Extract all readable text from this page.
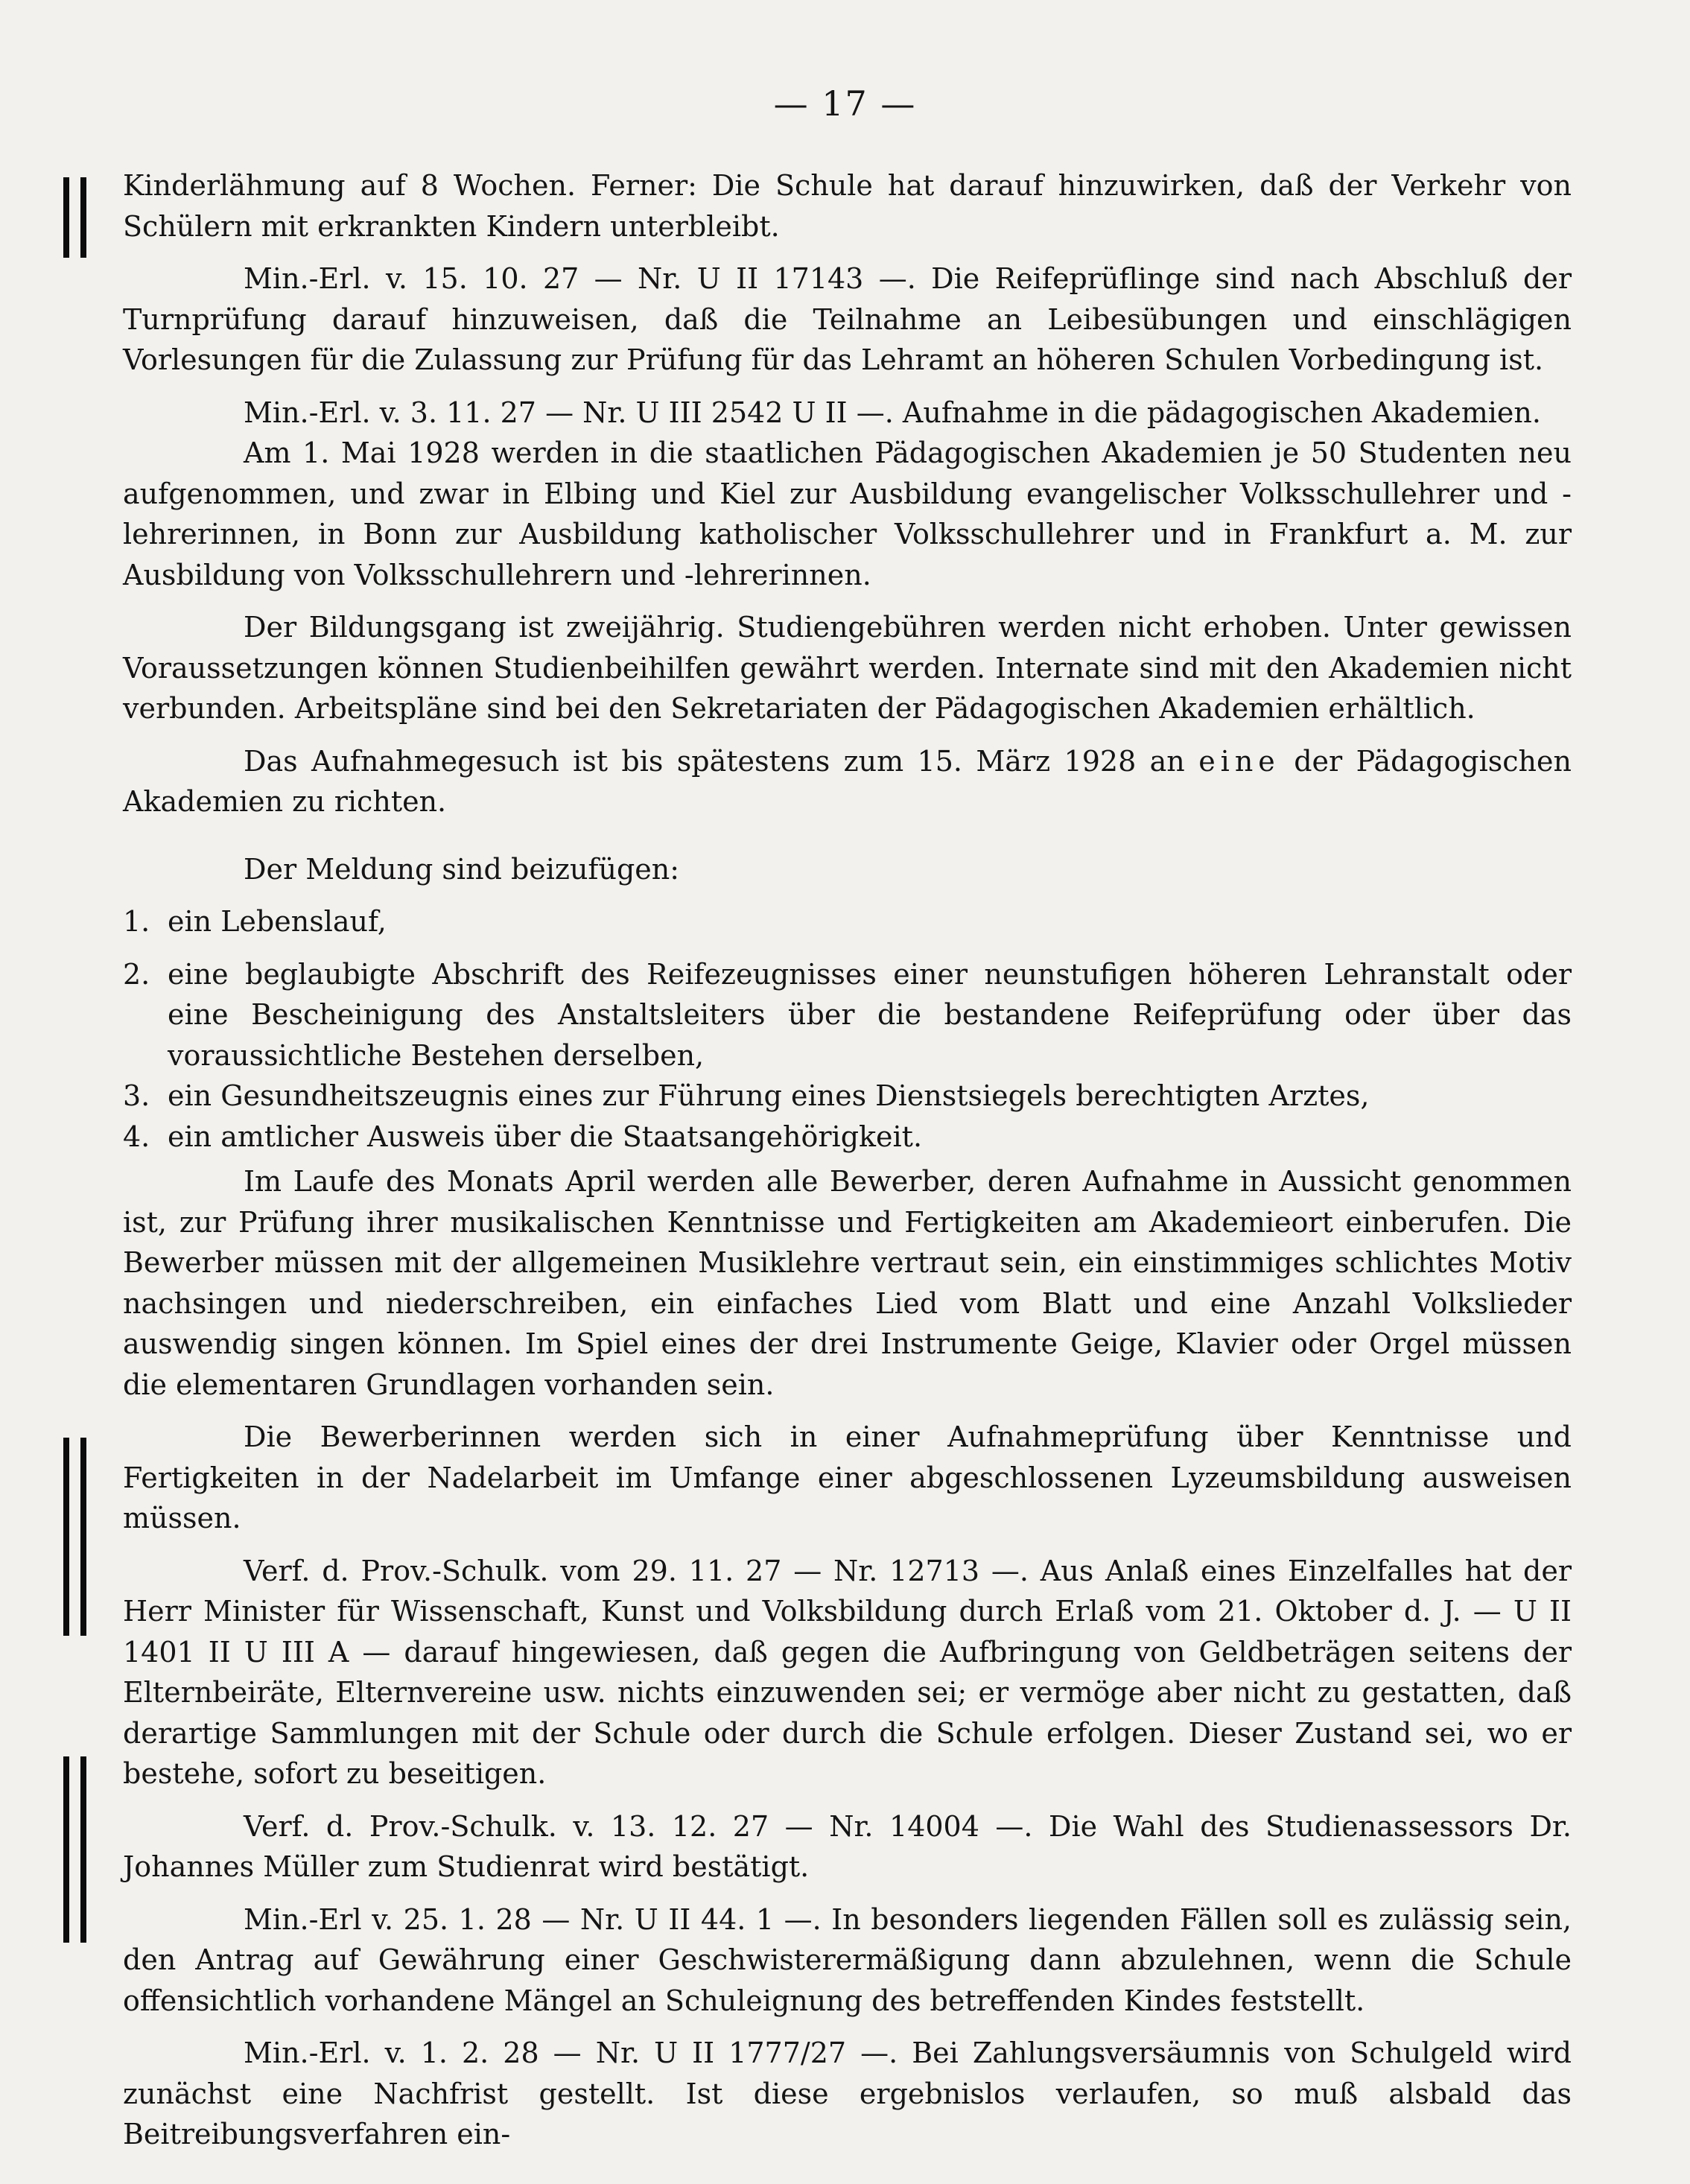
— 17 —

Kinderlähmung auf 8 Wochen. Ferner: Die Schule hat darauf hinzuwirken, daß der Verkehr von Schülern mit erkrankten Kindern unterbleibt.

Min.-Erl. v. 15. 10. 27 — Nr. U II 17143 —. Die Reifeprüflinge sind nach Abschluß der Turnprüfung darauf hinzuweisen, daß die Teilnahme an Leibesübungen und einschlägigen Vorlesungen für die Zulassung zur Prüfung für das Lehramt an höheren Schulen Vorbedingung ist.

Min.-Erl. v. 3. 11. 27 — Nr. U III 2542 U II —. Aufnahme in die pädagogischen Akademien.

Am 1. Mai 1928 werden in die staatlichen Pädagogischen Akademien je 50 Studenten neu aufgenommen, und zwar in Elbing und Kiel zur Ausbildung evangelischer Volksschullehrer und -lehrerinnen, in Bonn zur Ausbildung katholischer Volksschullehrer und in Frankfurt a. M. zur Ausbildung von Volksschullehrern und -lehrerinnen.

Der Bildungsgang ist zweijährig. Studiengebühren werden nicht erhoben. Unter gewissen Voraussetzungen können Studienbeihilfen gewährt werden. Internate sind mit den Akademien nicht verbunden. Arbeitspläne sind bei den Sekretariaten der Pädagogischen Akademien erhältlich.

Das Aufnahmegesuch ist bis spätestens zum 15. März 1928 an eine der Pädagogischen Akademien zu richten.

Der Meldung sind beizufügen:

1. ein Lebenslauf,
2. eine beglaubigte Abschrift des Reifezeugnisses einer neunstufigen höheren Lehranstalt oder eine Bescheinigung des Anstaltsleiters über die bestandene Reifeprüfung oder über das voraussichtliche Bestehen derselben,
3. ein Gesundheitszeugnis eines zur Führung eines Dienstsiegels berechtigten Arztes,
4. ein amtlicher Ausweis über die Staatsangehörigkeit.

Im Laufe des Monats April werden alle Bewerber, deren Aufnahme in Aussicht genommen ist, zur Prüfung ihrer musikalischen Kenntnisse und Fertigkeiten am Akademieort einberufen. Die Bewerber müssen mit der allgemeinen Musiklehre vertraut sein, ein einstimmiges schlichtes Motiv nachsingen und niederschreiben, ein einfaches Lied vom Blatt und eine Anzahl Volkslieder auswendig singen können. Im Spiel eines der drei Instrumente Geige, Klavier oder Orgel müssen die elementaren Grundlagen vorhanden sein.

Die Bewerberinnen werden sich in einer Aufnahmeprüfung über Kenntnisse und Fertigkeiten in der Nadelarbeit im Umfange einer abgeschlossenen Lyzeumsbildung ausweisen müssen.

Verf. d. Prov.-Schulk. vom 29. 11. 27 — Nr. 12713 —. Aus Anlaß eines Einzelfalles hat der Herr Minister für Wissenschaft, Kunst und Volksbildung durch Erlaß vom 21. Oktober d. J. — U II 1401 II U III A — darauf hingewiesen, daß gegen die Aufbringung von Geldbeträgen seitens der Elternbeiräte, Elternvereine usw. nichts einzuwenden sei; er vermöge aber nicht zu gestatten, daß derartige Sammlungen mit der Schule oder durch die Schule erfolgen. Dieser Zustand sei, wo er bestehe, sofort zu beseitigen.

Verf. d. Prov.-Schulk. v. 13. 12. 27 — Nr. 14004 —. Die Wahl des Studienassessors Dr. Johannes Müller zum Studienrat wird bestätigt.

Min.-Erl v. 25. 1. 28 — Nr. U II 44. 1 —. In besonders liegenden Fällen soll es zulässig sein, den Antrag auf Gewährung einer Geschwisterermäßigung dann abzulehnen, wenn die Schule offensichtlich vorhandene Mängel an Schuleignung des betreffenden Kindes feststellt.

Min.-Erl. v. 1. 2. 28 — Nr. U II 1777/27 —. Bei Zahlungsversäumnis von Schulgeld wird zunächst eine Nachfrist gestellt. Ist diese ergebnislos verlaufen, so muß alsbald das Beitreibungsverfahren ein-
